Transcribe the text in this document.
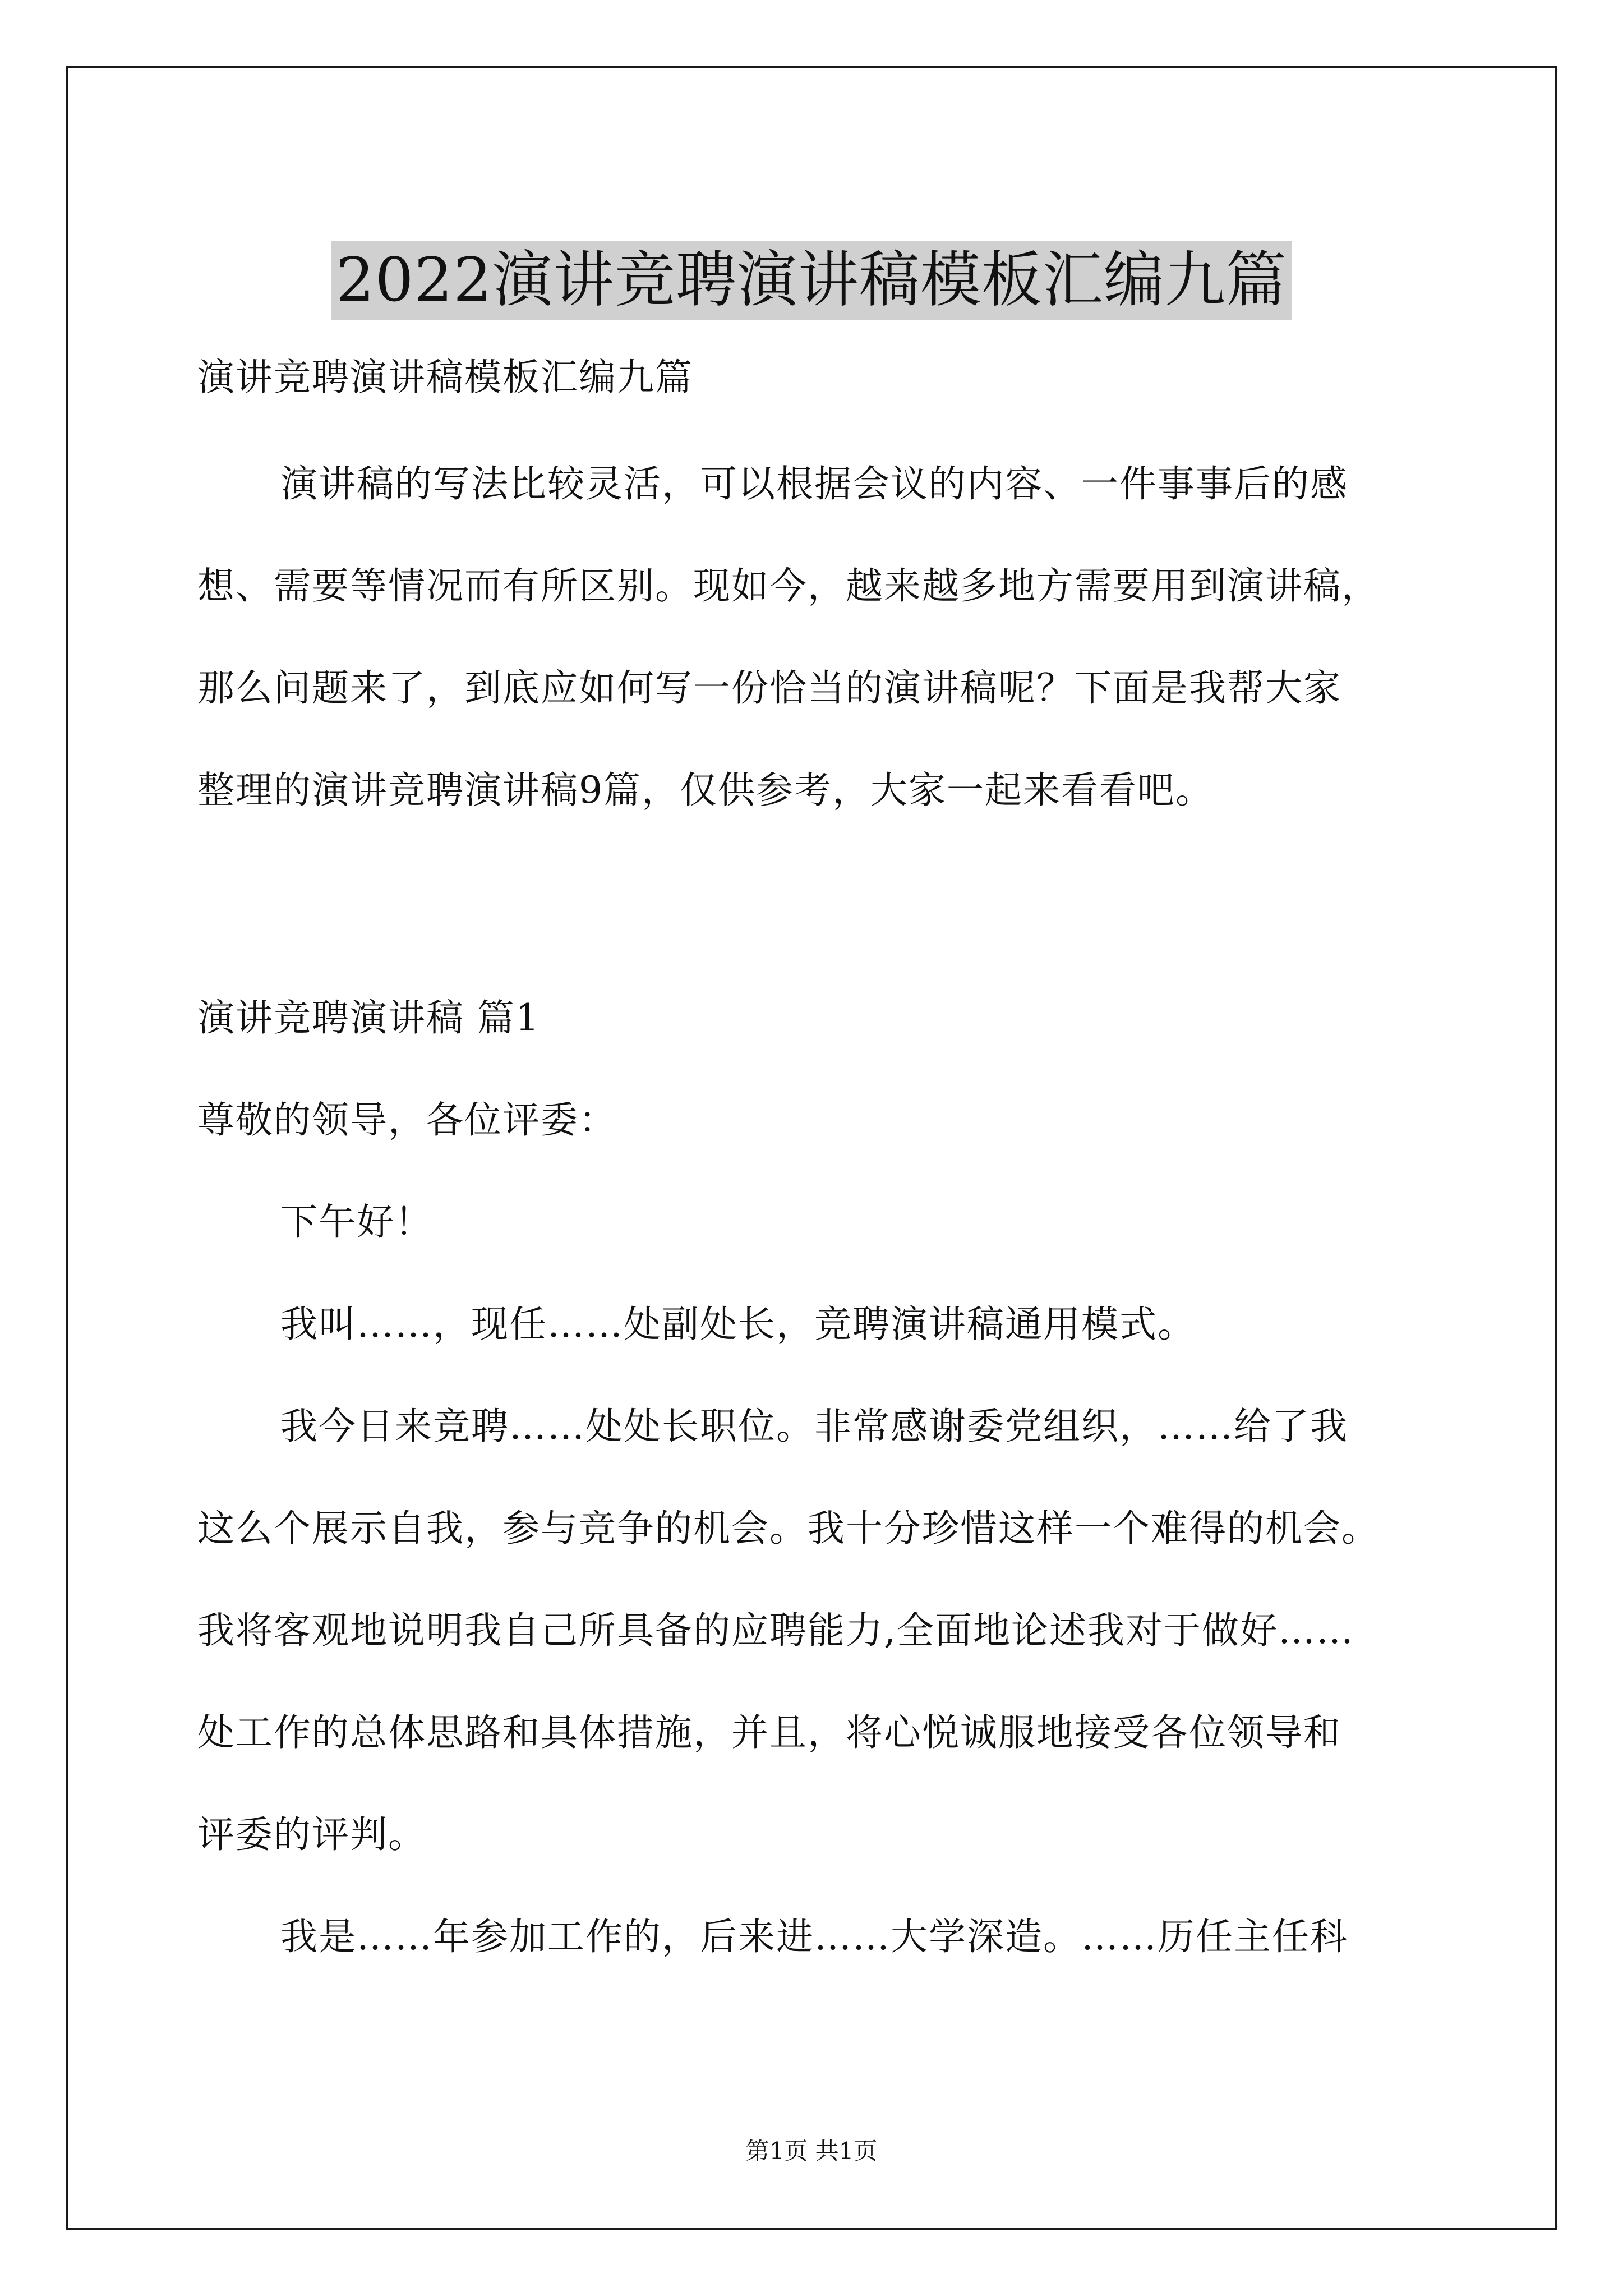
2022演讲竞聘演讲稿模板汇编九篇
演讲竞聘演讲稿模板汇编九篇
演讲稿的写法比较灵活，可以根据会议的内容、一件事事后的感
想、需要等情况而有所区别。现如今，越来越多地方需要用到演讲稿，
那么问题来了，到底应如何写一份恰当的演讲稿呢？下面是我帮大家
整理的演讲竞聘演讲稿9篇，仅供参考，大家一起来看看吧。
演讲竞聘演讲稿 篇1
尊敬的领导，各位评委：
下午好！
我叫……，现任……处副处长，竞聘演讲稿通用模式。
我今日来竞聘……处处长职位。非常感谢委党组织，……给了我
这么个展示自我，参与竞争的机会。我十分珍惜这样一个难得的机会。
我将客观地说明我自己所具备的应聘能力,全面地论述我对于做好……
处工作的总体思路和具体措施，并且，将心悦诚服地接受各位领导和
评委的评判。
我是……年参加工作的，后来进……大学深造。……历任主任科
第1页 共1页
